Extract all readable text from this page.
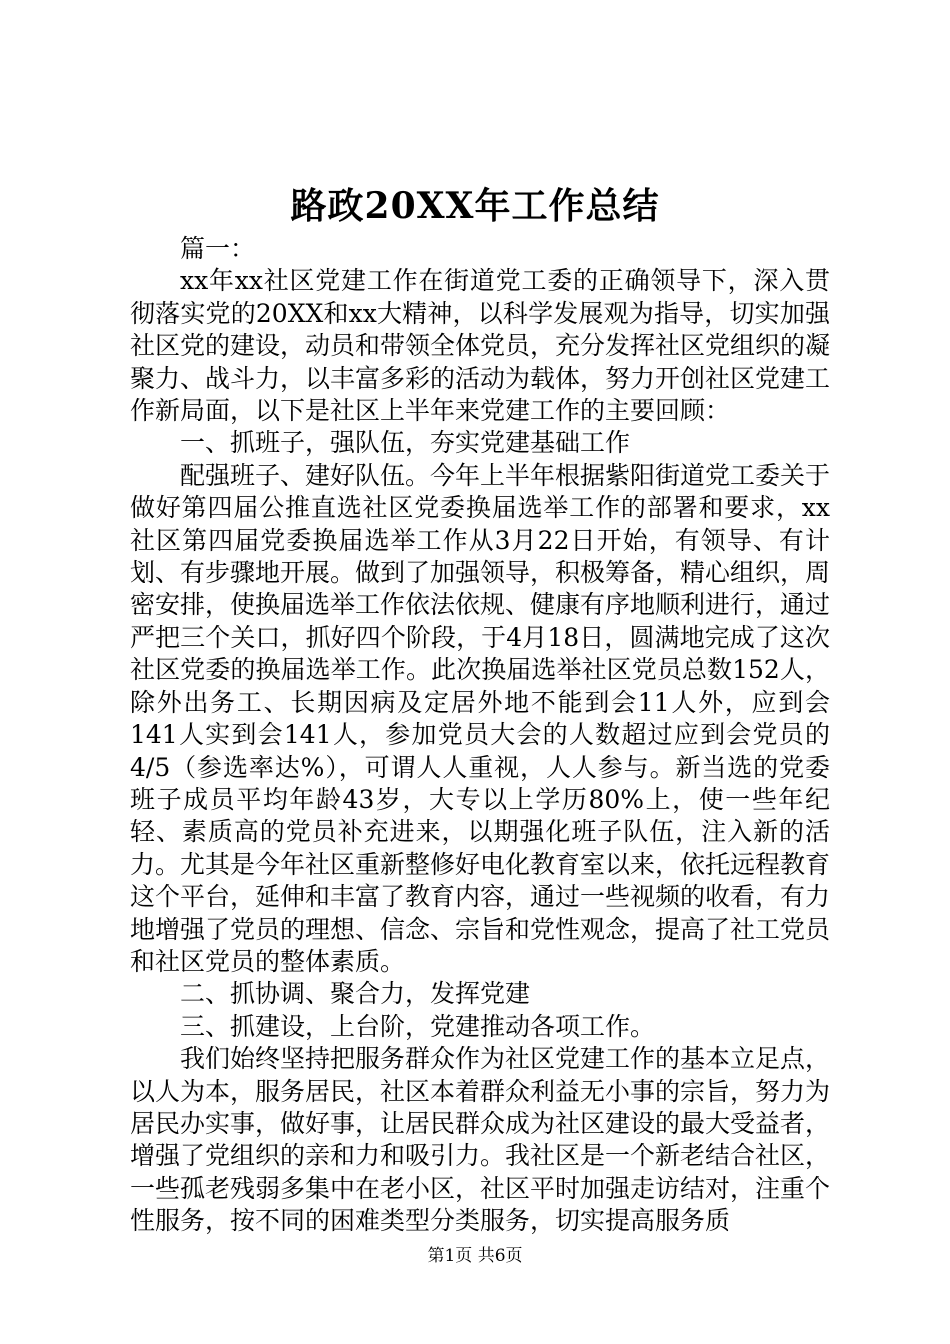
路政20XX年工作总结

篇一：

xx年xx社区党建工作在街道党工委的正确领导下，深入贯彻落实党的20XX和xx大精神，以科学发展观为指导，切实加强社区党的建设，动员和带领全体党员，充分发挥社区党组织的凝聚力、战斗力，以丰富多彩的活动为载体，努力开创社区党建工作新局面，以下是社区上半年来党建工作的主要回顾：

一、抓班子，强队伍，夯实党建基础工作

配强班子、建好队伍。今年上半年根据紫阳街道党工委关于做好第四届公推直选社区党委换届选举工作的部署和要求，xx社区第四届党委换届选举工作从3月22日开始，有领导、有计划、有步骤地开展。做到了加强领导，积极筹备，精心组织，周密安排，使换届选举工作依法依规、健康有序地顺利进行，通过严把三个关口，抓好四个阶段，于4月18日，圆满地完成了这次社区党委的换届选举工作。此次换届选举社区党员总数152人，除外出务工、长期因病及定居外地不能到会11人外，应到会141人实到会141人，参加党员大会的人数超过应到会党员的4/5（参选率达%），可谓人人重视，人人参与。新当选的党委班子成员平均年龄43岁，大专以上学历80%上，使一些年纪轻、素质高的党员补充进来，以期强化班子队伍，注入新的活力。尤其是今年社区重新整修好电化教育室以来，依托远程教育这个平台，延伸和丰富了教育内容，通过一些视频的收看，有力地增强了党员的理想、信念、宗旨和党性观念，提高了社工党员和社区党员的整体素质。

二、抓协调、聚合力，发挥党建

三、抓建设，上台阶，党建推动各项工作。

我们始终坚持把服务群众作为社区党建工作的基本立足点，以人为本，服务居民，社区本着群众利益无小事的宗旨，努力为居民办实事，做好事，让居民群众成为社区建设的最大受益者，增强了党组织的亲和力和吸引力。我社区是一个新老结合社区，一些孤老残弱多集中在老小区，社区平时加强走访结对，注重个性服务，按不同的困难类型分类服务，切实提高服务质

第1页 共6页
